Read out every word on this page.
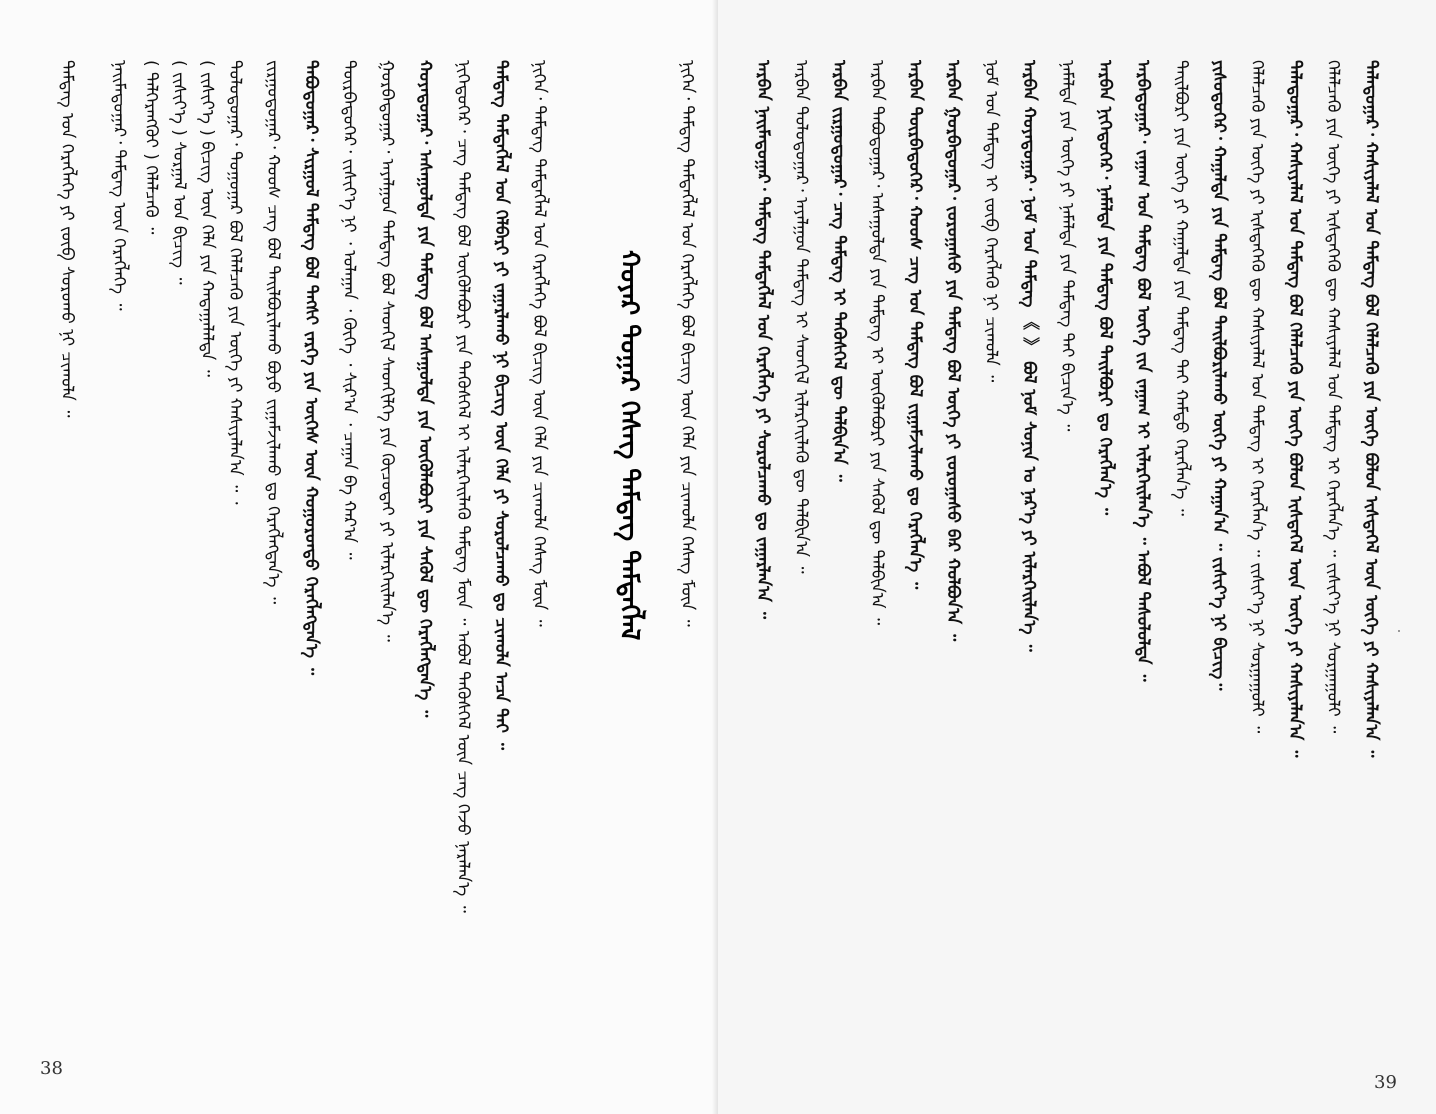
ᠲᠡᠮᠳᠡᠭ ᠤᠨ ᠬᠡᠷᠡᠭᠯᠡᠭᠡ ᠶᠢ ᠵᠦᠪ ᠰᠤᠷᠤᠬᠤ ᠨᠢ ᠴᠢᠬᠤᠯᠠ ᠃ ᠨᠠᠢᠮᠠᠳᠤᠭᠠᠷ᠂ ᠲᠡᠮᠳᠡᠭ ᠦᠨ ᠬᠡᠷᠡᠭᠯᠡᠭᠡ ᠃ ( ᠳᠡᠯᠭᠡᠷᠡᠩᠭᠦᠢ ) ᠬᠡᠯᠡᠯᠴᠡᠭᠦ ᠃ ( ᠵᠢᠱᠢᠶ᠎ᠡ ) ᠰᠤᠷᠭᠠᠯ ᠤᠨ ᠪᠢᠴᠢᠭ ᠃ ( ᠵᠢᠱᠢᠶ᠎ᠡ ) ᠪᠢᠴᠢᠭ ᠦᠨ ᠬᠡᠯᠡ ᠶᠢᠨ ᠬᠠᠳᠠᠭᠠᠯᠠᠯᠲᠠ ᠃ ᠳᠣᠯᠣᠳᠤᠭᠠᠷ᠂ ᠳᠤᠭᠤᠭᠠᠷ ᠪᠤᠯ ᠬᠡᠯᠡᠯᠴᠡᠭᠦ ᠶᠢᠨ ᠦᠭᠡ ᠶᠢ ᠬᠠᠰᠢᠶᠠᠯᠠᠨ᠎ᠠ ᠃ ᠂ ᠵᠢᠷᠭᠤᠳᠤᠭᠠᠷ᠂ ᠬᠣᠣᠰ ᠴᠡᠭ ᠪᠤᠯ ᠲᠠᠢᠯᠪᠤᠷᠢᠯᠠᠬᠤ ᠪᠤᠶᠤ ᠵᠢᠭᠠᠮᠵᠢᠯᠠᠬᠤ ᠳᠤ ᠬᠡᠷᠡᠭᠯᠡᠭᠳᠡᠨ᠎ᠡ ᠃ ᠲᠠᠪᠤᠳᠤᠭᠠᠷ᠂ ᠰᠢᠷᠭᠤᠯ ᠲᠡᠮᠳᠡᠭ ᠪᠤᠯ ᠲᠡᠭᠰᠢ ᠵᠡᠷᠭᠡ ᠶᠢᠨ ᠦᠭᠡᠰ ᠦᠨ ᠬᠣᠭᠣᠷᠣᠨᠳᠣ ᠬᠡᠷᠡᠭᠯᠡᠭᠳᠡᠨ᠎ᠡ ᠃ ᠳᠥᠷᠪᠡᠳᠦᠭᠡᠷ᠂ ᠵᠢᠰᠢᠶ᠎ᠡ ᠨᠢ ᠂ ᠤᠯᠠᠭᠠᠨ ᠂ ᠬᠥᠬᠡ ᠂ ᠰᠢᠷ᠎ᠠ ᠂ ᠴᠠᠭᠠᠨ ᠪᠠ ᠬᠠᠷ᠎ᠠ ᠃ ᠭᠤᠷᠪᠠᠳᠤᠭᠠᠷ᠂ ᠠᠶᠠᠯᠭᠤᠨ ᠲᠡᠮᠳᠡᠭ ᠪᠤᠯ ᠰᠡᠳᠬᠢᠯ ᠰᠡᠳᠬᠢᠯᠭᠡ ᠶᠢᠨ ᠬᠦᠴᠦᠲᠡᠢ ᠶᠢ ᠢᠯᠡᠷᠭᠡᠢᠯᠡᠨ᠎ᠡ ᠃ ᠬᠣᠶᠠᠳᠤᠭᠠᠷ᠂ ᠠᠰᠠᠭᠤᠯᠲᠠ ᠶᠢᠨ ᠲᠡᠮᠳᠡᠭ ᠪᠤᠯ ᠠᠰᠠᠭᠤᠯᠲᠠ ᠶᠢᠨ ᠥᠭᠦᠯᠡᠪᠦᠷᠢ ᠶᠢᠨ ᠰᠡᠭᠦᠯ ᠳᠦ ᠬᠡᠷᠡᠭᠯᠡᠭᠳᠡᠨ᠎ᠡ ᠃ ᠨᠢᠭᠡᠳᠦᠭᠡᠷ᠂ ᠴᠡᠭ ᠲᠡᠮᠳᠡᠭ ᠪᠤᠯ ᠥᠭᠦᠯᠡᠪᠦᠷᠢ ᠶᠢᠨ ᠲᠡᠭᠦᠰᠬᠡᠯ ᠢ ᠢᠯᠡᠷᠭᠡᠢᠯᠡᠬᠦ ᠲᠡᠮᠳᠡᠭ ᠮᠥᠨ ᠃ ᠠᠪᠤᠯ ᠲᠡᠭᠦᠰᠬᠡᠯ ᠦᠨ ᠴᠡᠭ ᠭᠡᠵᠦ ᠨᠡᠷᠡᠯᠡᠨ᠎ᠡ ᠃ ᠲᠡᠮᠳᠡᠭ ᠲᠡᠮᠳᠡᠭᠯᠡᠯ ᠤᠨ ᠬᠡᠯᠪᠡᠷᠢ ᠶᠢ ᠵᠠᠭᠠᠷᠯᠠᠬᠤ ᠨᠢ ᠪᠢᠴᠢᠭ ᠦᠨ ᠬᠡᠯᠡ ᠶᠢ ᠰᠤᠷᠤᠯᠴᠠᠬᠤ ᠳᠤ ᠴᠢᠬᠤᠯᠠ ᠠᠴᠠ ᠲᠠᠢ ᠃ ᠨᠢᠭᠡᠨ᠂ ᠲᠡᠮᠳᠡᠭ ᠲᠡᠮᠳᠡᠭᠯᠡᠯ ᠤᠨ ᠬᠡᠷᠡᠭᠯᠡᠭᠡ ᠪᠤᠯ ᠪᠢᠴᠢᠭ ᠦᠨ ᠬᠡᠯᠡ ᠶᠢᠨ ᠴᠢᠬᠤᠯᠠ ᠬᠡᠰᠡᠭ ᠮᠥᠨ ᠃	ᠬᠣᠶᠠᠷ ᠳᠤᠭᠠᠷ ᠬᠡᠰᠡᠭ ᠲᠡᠮᠳᠡᠭ ᠲᠡᠮᠳᠡᠭᠯᠡᠯ	ᠨᠢᠭᠡᠨ᠂ ᠲᠡᠮᠳᠡᠭ ᠲᠡᠮᠳᠡᠭᠯᠡᠯ ᠤᠨ ᠬᠡᠷᠡᠭᠯᠡᠭᠡ ᠪᠤᠯ ᠪᠢᠴᠢᠭ ᠦᠨ ᠬᠡᠯᠡ ᠶᠢᠨ ᠴᠢᠬᠤᠯᠠ ᠬᠡᠰᠡᠭ ᠮᠥᠨ ᠃
38
ᠠᠷᠪᠠᠨ ᠨᠠᠢᠮᠠᠳᠤᠭᠠᠷ᠂ ᠲᠡᠮᠳᠡᠭ ᠲᠡᠮᠳᠡᠭᠯᠡᠯ ᠤᠨ ᠬᠡᠷᠡᠭᠯᠡᠭᠡ ᠶᠢ ᠰᠤᠷᠤᠯᠴᠠᠬᠤ ᠳᠤ ᠵᠠᠭᠠᠷᠯᠠᠨ᠎ᠠ ᠃ ᠠᠷᠪᠠᠨ ᠳᠣᠯᠣᠳᠤᠭᠠᠷ᠂ ᠠᠶᠠᠯᠭᠤᠨ ᠲᠡᠮᠳᠡᠭ ᠢ ᠰᠡᠳᠬᠢᠯ ᠢᠯᠡᠷᠭᠡᠢᠯᠡᠬᠦ ᠳᠦ ᠲᠠᠯᠪᠢᠨ᠎ᠠ ᠃ ᠠᠷᠪᠠᠨ ᠵᠢᠷᠭᠤᠳᠤᠭᠠᠷ᠂ ᠴᠡᠭ ᠲᠡᠮᠳᠡᠭ ᠢ ᠲᠡᠭᠦᠰᠬᠡᠯ ᠳᠦ ᠲᠠᠯᠪᠢᠨ᠎ᠠ ᠃ ᠠᠷᠪᠠᠨ ᠲᠠᠪᠤᠳᠤᠭᠠᠷ᠂ ᠠᠰᠠᠭᠤᠯᠲᠠ ᠶᠢᠨ ᠲᠡᠮᠳᠡᠭ ᠢ ᠥᠭᠦᠯᠡᠪᠦᠷᠢ ᠶᠢᠨ ᠰᠡᠭᠦᠯ ᠳᠦ ᠲᠠᠯᠪᠢᠨ᠎ᠠ ᠃ ᠠᠷᠪᠠᠨ ᠳᠥᠷᠪᠡᠳᠦᠭᠡᠷ᠂ ᠬᠣᠣᠰ ᠴᠡᠭ ᠤᠨ ᠲᠡᠮᠳᠡᠭ ᠪᠤᠯ ᠵᠢᠭᠠᠮᠵᠢᠯᠠᠬᠤ ᠳᠤ ᠬᠡᠷᠡᠭᠯᠡᠨ᠎ᠡ ᠃ ᠠᠷᠪᠠᠨ ᠭᠤᠷᠪᠠᠳᠤᠭᠠᠷ᠂ ᠵᠤᠷᠤᠭᠠᠰᠤ ᠶᠢᠨ ᠲᠡᠮᠳᠡᠭ ᠪᠤᠯ ᠦᠭᠡ ᠶᠢ ᠵᠤᠷᠤᠭᠠᠰᠤ ᠪᠠᠷ ᠬᠣᠯᠪᠣᠨ᠎ᠠ ᠃ ᠨᠣᠮ ᠤᠨ ᠲᠡᠮᠳᠡᠭ ᠢ ᠵᠦᠪ ᠬᠡᠷᠡᠭᠯᠡᠬᠦ ᠨᠢ ᠴᠢᠬᠤᠯᠠ ᠃ ᠠᠷᠪᠠᠨ ᠬᠣᠶᠠᠳᠤᠭᠠᠷ᠂ ᠨᠣᠮ ᠤᠨ ᠲᠡᠮᠳᠡᠭ 《 》 ᠪᠤᠯ ᠨᠣᠮ ᠰᠣᠨᠢᠨ ᠤ ᠨᠡᠷ᠎ᠡ ᠶᠢ ᠢᠯᠡᠷᠭᠡᠢᠯᠡᠨ᠎ᠡ ᠃ ᠨᠡᠮᠡᠯᠲᠡ ᠶᠢᠨ ᠦᠭᠡ ᠶᠢ ᠨᠡᠮᠡᠯᠲᠡ ᠶᠢᠨ ᠲᠡᠮᠳᠡᠭ ᠲᠡᠢ ᠪᠢᠴᠢᠨ᠎ᠡ ᠃ ᠠᠷᠪᠠᠨ ᠨᠢᠭᠡᠳᠦᠭᠡᠷ᠂ ᠨᠡᠮᠡᠯᠲᠡ ᠶᠢᠨ ᠲᠡᠮᠳᠡᠭ ᠪᠤᠯ ᠲᠠᠢᠯᠪᠤᠷᠢ ᠳᠤ ᠬᠡᠷᠡᠭᠯᠡᠨ᠎ᠡ ᠃ ᠠᠷᠪᠠᠳᠤᠭᠠᠷ᠂ ᠵᠠᠭᠠᠭ ᠤᠨ ᠲᠡᠮᠳᠡᠭ ᠪᠤᠯ ᠦᠭᠡ ᠵᠢᠨ ᠵᠠᠭᠠᠭ ᠢ ᠢᠯᠡᠷᠭᠡᠢᠯᠡᠨ᠎ᠡ ᠃ ᠠᠪᠤᠯ ᠲᠠᠰᠤᠯᠤᠯᠲᠠ ᠃ ᠲᠠᠢᠯᠪᠤᠷᠢ ᠶᠢᠨ ᠦᠭᠡ ᠶᠢ ᠬᠠᠭᠠᠯᠲᠠ ᠶᠢᠨ ᠲᠡᠮᠳᠡᠭ ᠲᠡᠢ ᠬᠠᠮᠲᠤ ᠬᠡᠷᠡᠭᠯᠡᠨ᠎ᠡ ᠃ ᠶᠢᠰᠦᠳᠦᠭᠡᠷ᠂ ᠬᠠᠭᠠᠯᠲᠠ ᠶᠢᠨ ᠲᠡᠮᠳᠡᠭ ᠪᠤᠯ ᠲᠠᠢᠯᠪᠤᠷᠢᠯᠠᠬᠤ ᠦᠭᠡ ᠶᠢ ᠬᠠᠭᠠᠨ᠎ᠠ ᠃ ᠵᠢᠱᠢᠶ᠎ᠡ ᠨᠢ ᠪᠢᠴᠢᠭ᠃ ᠬᠡᠯᠡᠯᠴᠡᠭᠦ ᠶᠢᠨ ᠦᠭᠡ ᠶᠢ ᠢᠰᠲᠡᠬᠡᠬᠦ ᠳᠦ ᠬᠠᠰᠢᠶᠠᠯᠠᠯ ᠤᠨ ᠲᠡᠮᠳᠡᠭ ᠢ ᠬᠡᠷᠡᠭᠯᠡᠨ᠎ᠡ ᠃ ᠵᠢᠱᠢᠶ᠎ᠡ ᠨᠢ ᠰᠤᠷᠭᠠᠭᠤᠯᠢ ᠃ ᠳᠠᠯᠠᠳᠤᠭᠠᠷ᠂ ᠬᠠᠰᠢᠶᠠᠯᠠᠯ ᠤᠨ ᠲᠡᠮᠳᠡᠭ ᠪᠤᠯ ᠬᠡᠯᠡᠯᠴᠡᠭᠦ ᠶᠢᠨ ᠦᠭᠡ ᠪᠣᠯᠣᠨ ᠢᠰᠲᠡᠬᠡᠯ ᠦᠨ ᠦᠭᠡ ᠶᠢ ᠬᠠᠰᠢᠶᠠᠯᠠᠨ᠎ᠠ ᠃ ᠬᠡᠯᠡᠯᠴᠡᠭᠦ ᠶᠢᠨ ᠦᠭᠡ ᠶᠢ ᠢᠰᠲᠡᠬᠡᠬᠦ ᠳᠦ ᠬᠠᠰᠢᠶᠠᠯᠠᠯ ᠤᠨ ᠲᠡᠮᠳᠡᠭ ᠢ ᠬᠡᠷᠡᠭᠯᠡᠨ᠎ᠡ ᠃ ᠵᠢᠱᠢᠶ᠎ᠡ ᠨᠢ ᠰᠤᠷᠭᠠᠭᠤᠯᠢ ᠃ ᠳᠠᠯᠠᠳᠤᠭᠠᠷ᠂ ᠬᠠᠰᠢᠶᠠᠯᠠᠯ ᠤᠨ ᠲᠡᠮᠳᠡᠭ ᠪᠤᠯ ᠬᠡᠯᠡᠯᠴᠡᠭᠦ ᠶᠢᠨ ᠦᠭᠡ ᠪᠣᠯᠣᠨ ᠢᠰᠲᠡᠬᠡᠯ ᠦᠨ ᠦᠭᠡ ᠶᠢ ᠬᠠᠰᠢᠶᠠᠯᠠᠨ᠎ᠠ ᠃
39
